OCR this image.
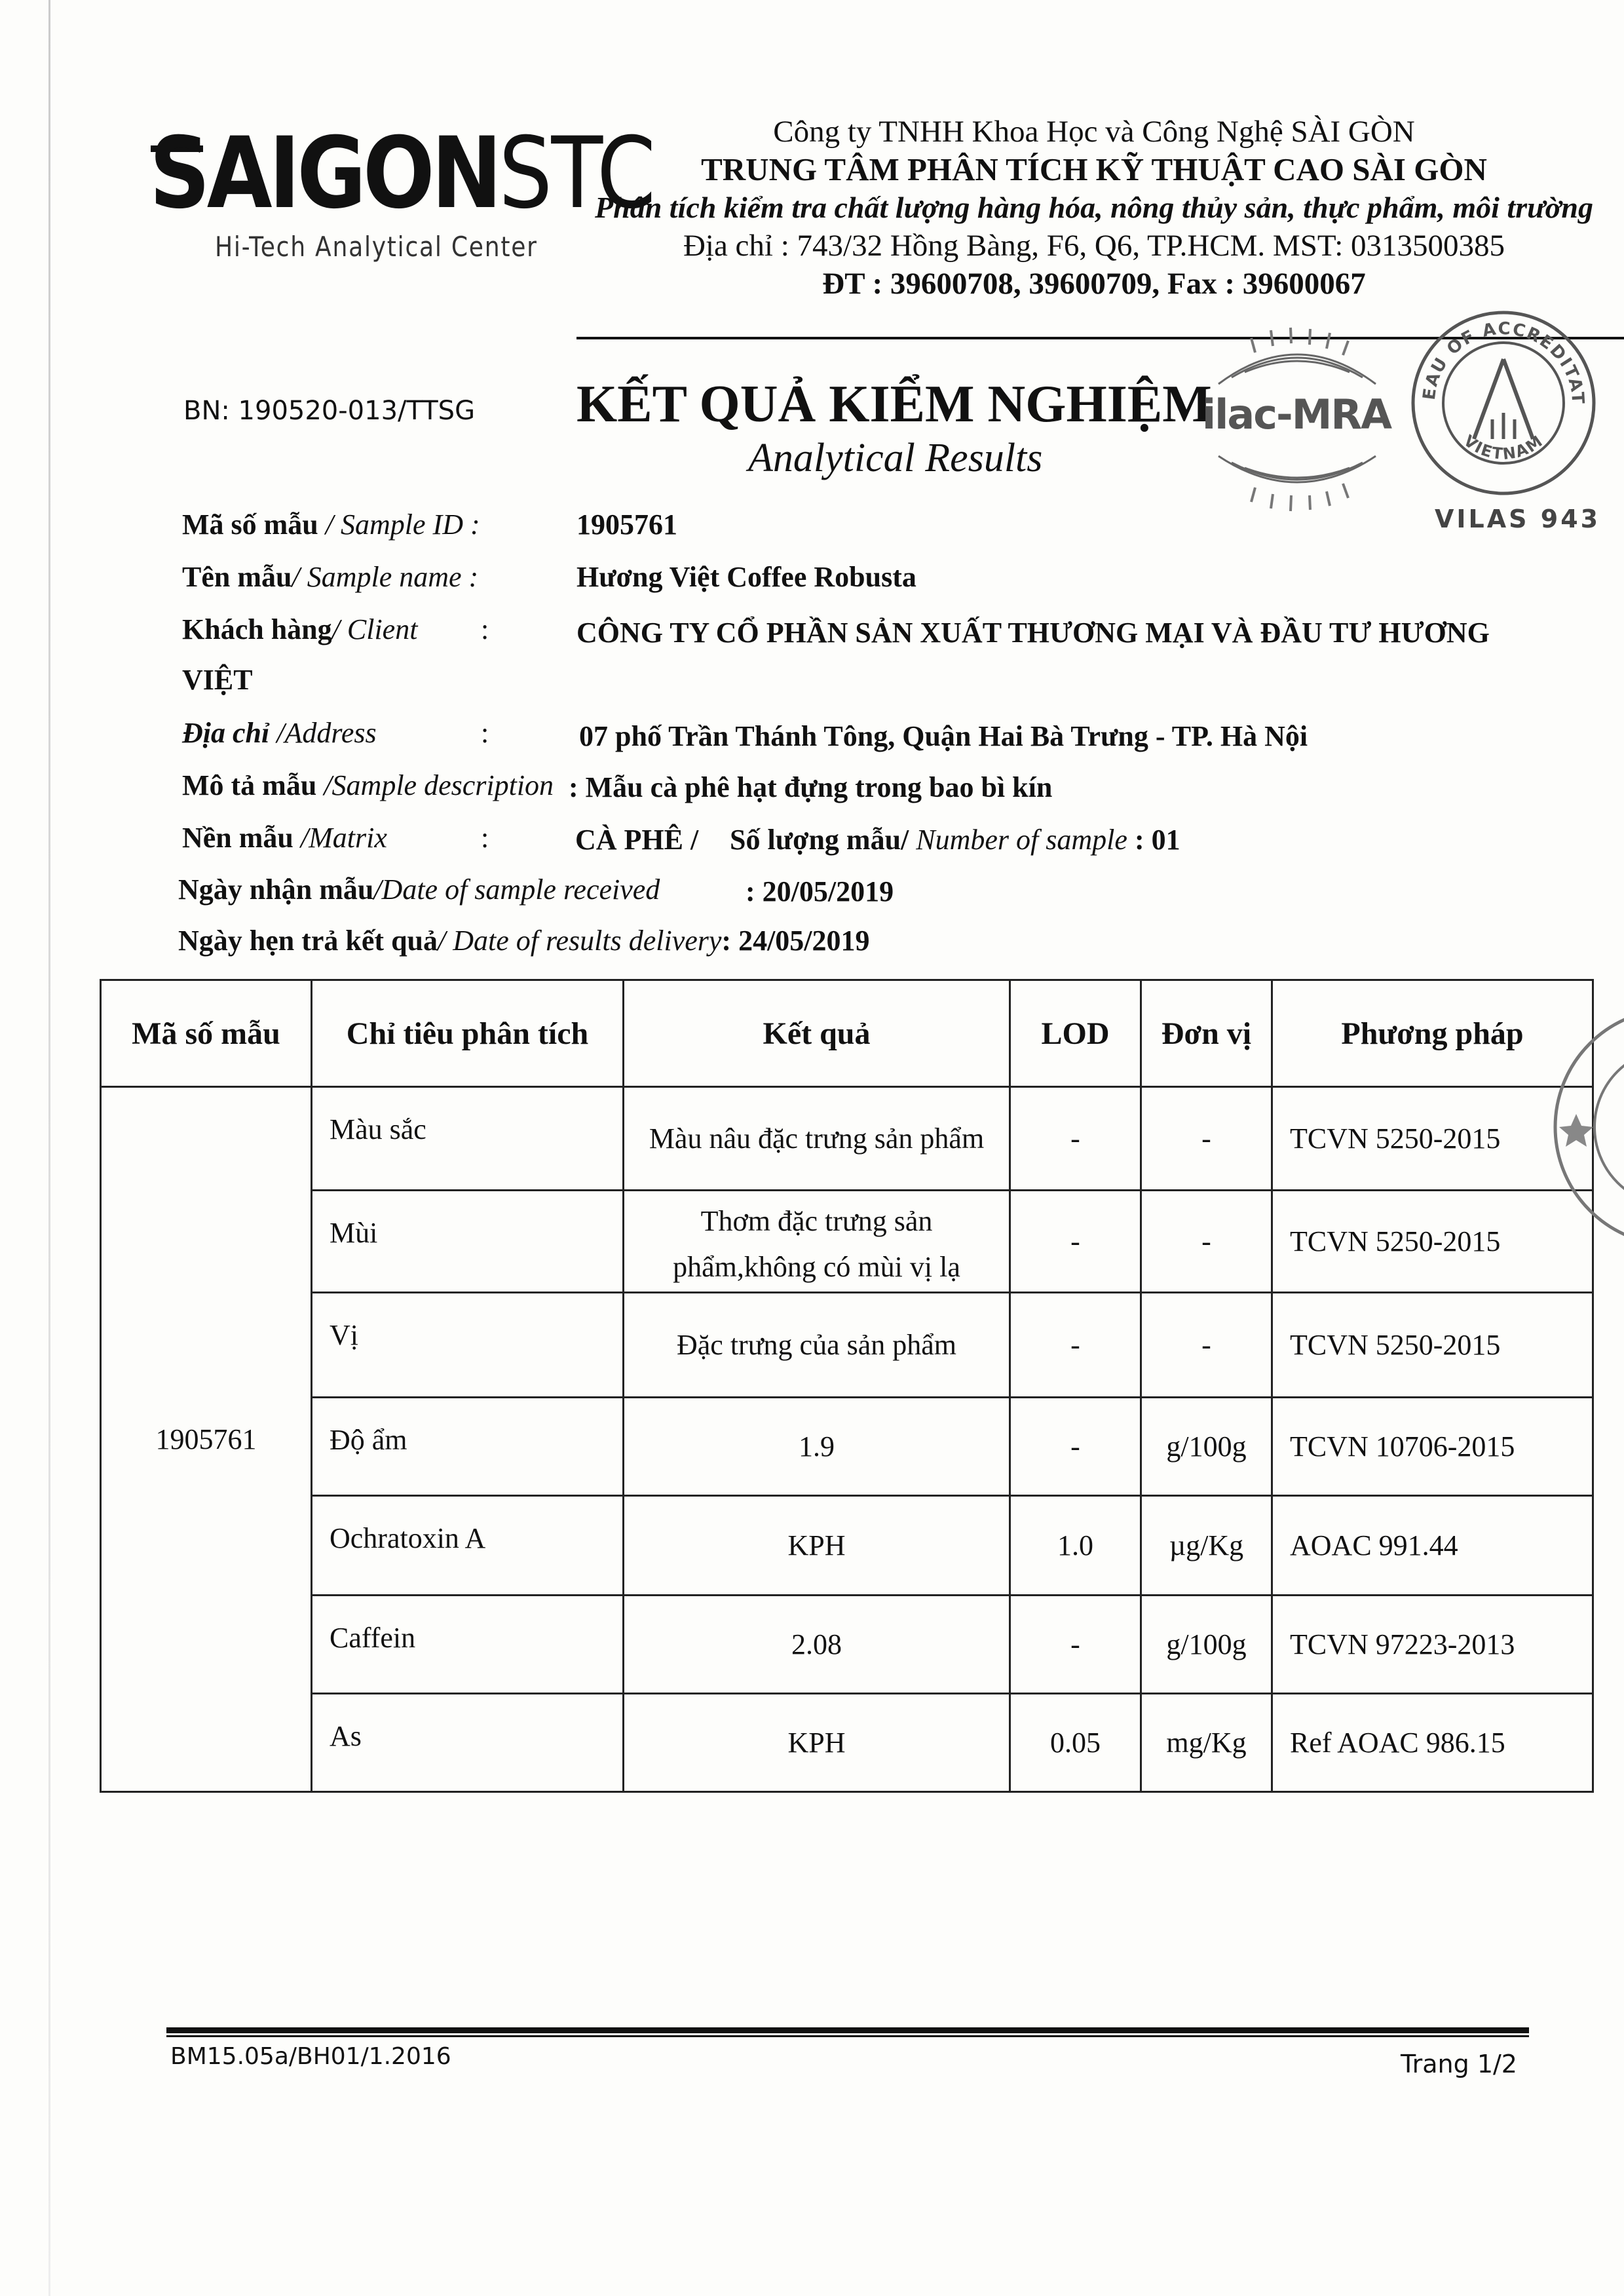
SAIGONSTC
Hi-Tech Analytical Center
Công ty TNHH Khoa Học và Công Nghệ SÀI GÒN
TRUNG TÂM PHÂN TÍCH KỸ THUẬT CAO SÀI GÒN
Phân tích kiểm tra chất lượng hàng hóa, nông thủy sản, thực phẩm, môi trường
Địa chỉ : 743/32 Hồng Bàng, F6, Q6, TP.HCM. MST: 0313500385
ĐT : 39600708, 39600709, Fax : 39600067
BN: 190520-013/TTSG KẾT QUẢ KIỂM NGHIỆM
Analytical Results
ilac-MRA	EAU OF ACCREDITAT
VIETNAM
VILAS 943
Mã số mẫu / Sample ID :	1905761
Tên mẫu/ Sample name :	Hương Việt Coffee Robusta
Khách hàng/ Client :	CÔNG TY CỔ PHẦN SẢN XUẤT THƯƠNG MẠI VÀ ĐẦU TƯ HƯƠNG
VIỆT
Địa chỉ /Address	:	07 phố Trần Thánh Tông, Quận Hai Bà Trưng - TP. Hà Nội
Mô tả mẫu /Sample description : Mẫu cà phê hạt đựng trong bao bì kín
Nền mẫu /Matrix	:	CÀ PHÊ / Số lượng mẫu/ Number of sample : 01
Ngày nhận mẫu/Date of sample received	: 20/05/2019
Ngày hẹn trả kết quả/ Date of results delivery: 24/05/2019
Mã số mẫu	Chỉ tiêu phân tích	Kết quả	LOD	Đơn vị	Phương pháp
1905761	Màu sắc	Màu nâu đặc trưng sản phẩm	-	-	TCVN 5250-2015
	Mùi	Thơm đặc trưng sản
phẩm,không có mùi vị lạ	-	-	TCVN 5250-2015
	Vị	Đặc trưng của sản phẩm	-	-	TCVN 5250-2015
	Độ ẩm	1.9	-	g/100g	TCVN 10706-2015
	Ochratoxin A	KPH	1.0	µg/Kg	AOAC 991.44
	Caffein	2.08	-	g/100g	TCVN 97223-2013
	As	KPH	0.05	mg/Kg	Ref AOAC 986.15
BM15.05a/BH01/1.2016	Trang 1/2
